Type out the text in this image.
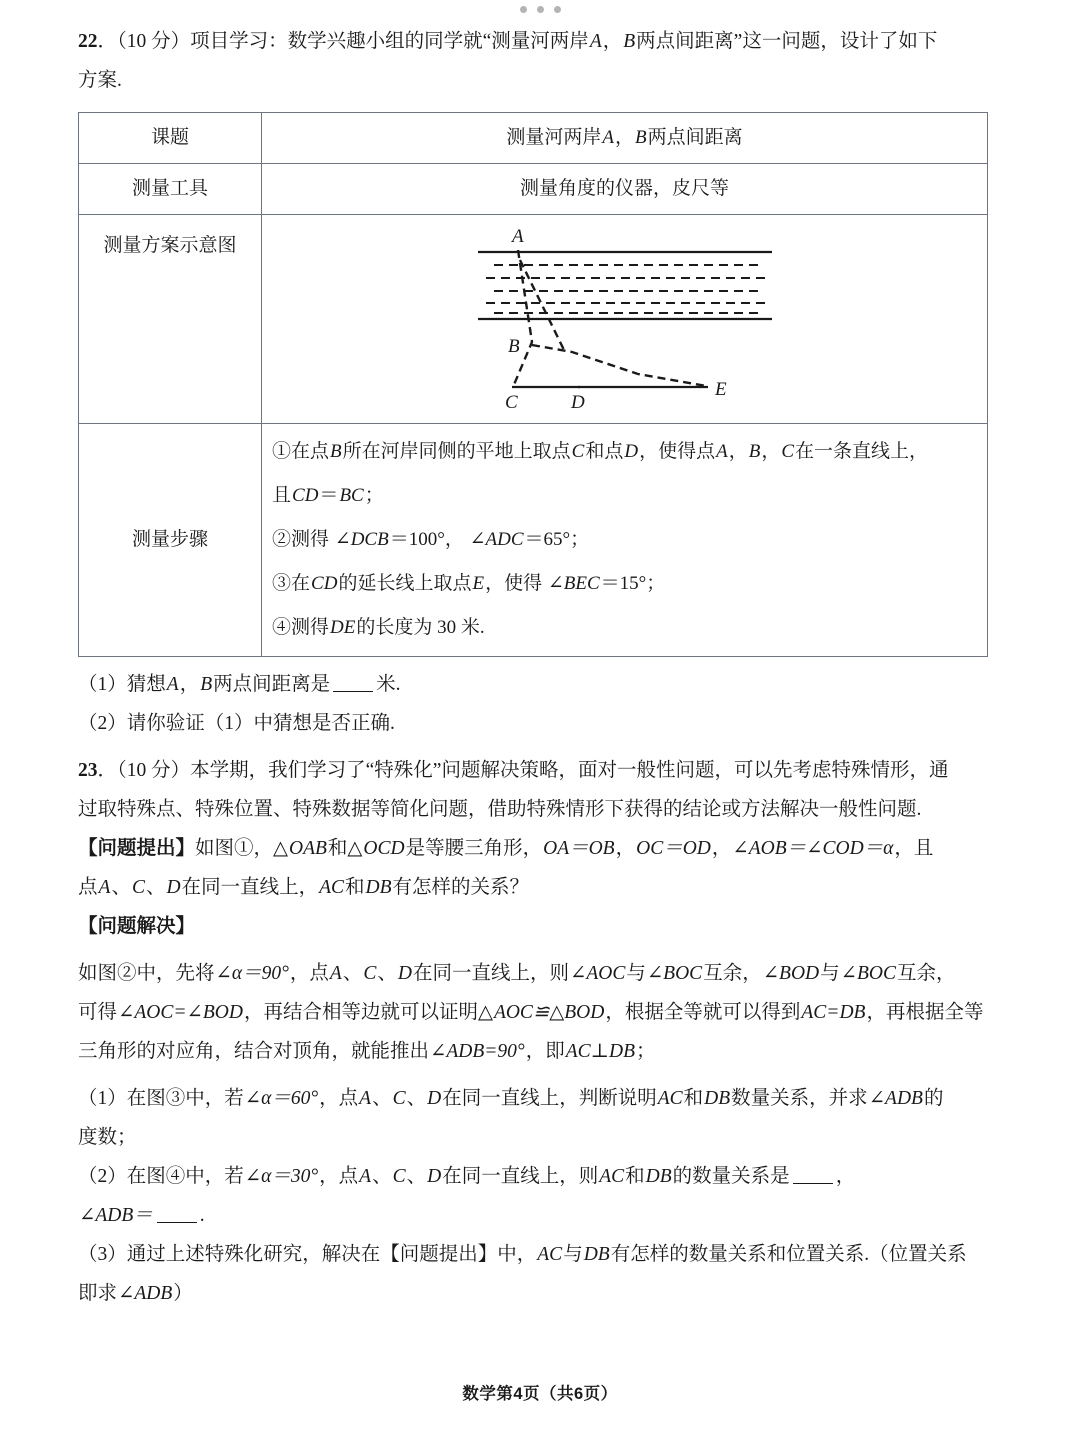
22．（10 分）项目学习：数学兴趣小组的同学就“测量河两岸A，B两点间距离”这一问题，设计了如下

方案.

课题	测量河两岸A，B两点间距离
测量工具	测量角度的仪器，皮尺等
测量方案示意图	A
B
C D
E

测量步骤	①在点B所在河岸同侧的平地上取点C和点D，使得点A，B，C在一条直线上，

且CD＝BC；

②测得 ∠DCB＝100°， ∠ADC＝65°；

③在CD的延长线上取点E，使得 ∠BEC＝15°；

④测得DE的长度为 30 米.

（1）猜想A，B两点间距离是 米.

（2）请你验证（1）中猜想是否正确.

23．（10 分）本学期，我们学习了“特殊化”问题解决策略，面对一般性问题，可以先考虑特殊情形，通

过取特殊点、特殊位置、特殊数据等简化问题，借助特殊情形下获得的结论或方法解决一般性问题.

【问题提出】如图①，△OAB和△OCD是等腰三角形，OA＝OB，OC＝OD，∠AOB＝∠COD＝α，且

点A、C、D在同一直线上，AC和DB有怎样的关系？

【问题解决】

如图②中，先将∠α＝90°，点A、C、D在同一直线上，则∠AOC与∠BOC互余，∠BOD与∠BOC互余，

可得∠AOC=∠BOD，再结合相等边就可以证明△AOC≌△BOD，根据全等就可以得到AC=DB，再根据全等

三角形的对应角，结合对顶角，就能推出∠ADB=90°，即AC⊥DB；

（1）在图③中，若∠α＝60°，点A、C、D在同一直线上，判断说明AC和DB数量关系，并求∠ADB的

度数；

（2）在图④中，若∠α＝30°，点A、C、D在同一直线上，则AC和DB的数量关系是 ，

∠ADB＝ .

（3）通过上述特殊化研究，解决在【问题提出】中，AC与DB有怎样的数量关系和位置关系.（位置关系

即求∠ADB）

数学第4页（共6页）
